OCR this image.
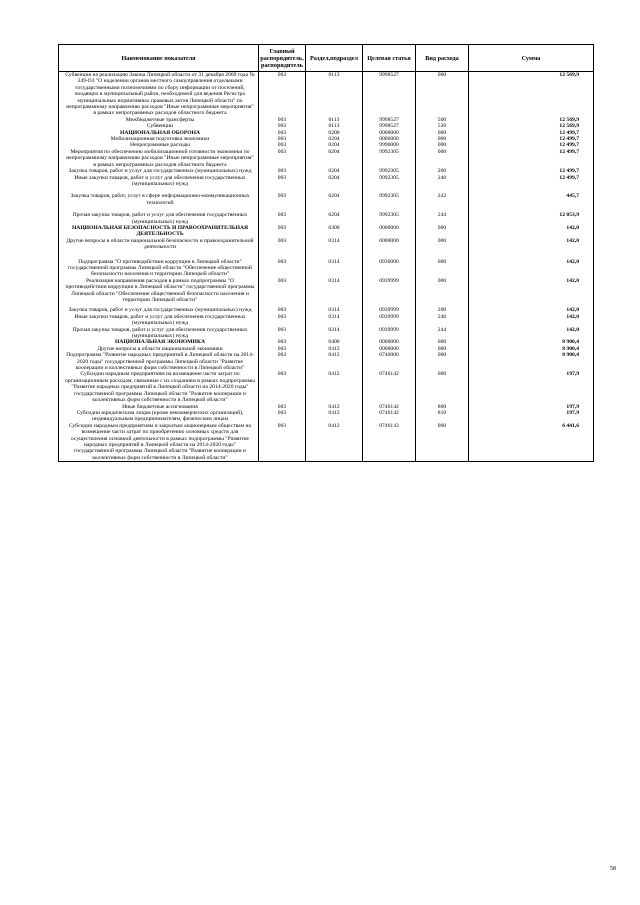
Наименование показателя	Главный распорядитель, распорядитель	Раздел,подраздел	Целевая статья	Вид расхода	Сумма
Субвенция на реализацию Закона Липецкой области от 31 декабря 2009 года № 349-ОЗ "О наделении органов местного самоуправления отдельными государственными полномочиями по сбору информации от поселений, входящих в муниципальный район, необходимой для ведения Регистра муниципальных нормативных правовых актов Липецкой области" по непрограммному направлению расходов "Иные непрограммные мероприятия" в рамках непрограммных расходов областного бюджета	003	0113	9998527	000	12 569,9
Межбюджетные трансферты	003	0113	9998527	500	12 569,9
Субвенции	003	0113	9998527	530	12 569,9
НАЦИОНАЛЬНАЯ ОБОРОНА	003	0200	0000000	000	12 499,7
Мобилизационная подготовка экономики	003	0204	0000000	000	12 499,7
Непрограммные расходы	003	0204	9990000	000	12 499,7
Мероприятия по обеспечению мобилизационной готовности экономики по непрограммному направлению расходов "Иные непрограммные мероприятия" в рамках непрограммных расходов областного бюджета	003	0204	9992305	000	12 499,7
Закупка товаров, работ и услуг для государственных (муниципальных) нужд	003	0204	9992305	200	12 499,7
Иные закупки товаров, работ и услуг для обеспечения государственных (муниципальных) нужд	003	0204	9992305	240	12 499,7
Закупка товаров, работ, услуг в сфере информационно-коммуникационных технологий	003	0204	9992305	242	445,7
Прочая закупка товаров, работ и услуг для обеспечения государственных (муниципальных) нужд	003	0204	9992305	244	12 053,9
НАЦИОНАЛЬНАЯ БЕЗОПАСНОСТЬ И ПРАВООХРАНИТЕЛЬНАЯ ДЕЯТЕЛЬНОСТЬ	003	0300	0000000	000	142,0
Другие вопросы в области национальной безопасности и правоохранительной деятельности	003	0314	0000000	000	142,0
Подпрограмма "О противодействии коррупции в Липецкой области" государственной программы Липецкой области "Обеспечение общественной безопасности населения и территории Липецкой области"	003	0314	0930000	000	142,0
Реализация направления расходов в рамках подпрограммы "О противодействии коррупции в Липецкой области" государственной программы Липецкой области "Обеспечение общественной безопасности населения и территории Липецкой области"	003	0314	0939999	000	142,0
Закупка товаров, работ и услуг для государственных (муниципальных) нужд	003	0314	0939999	200	142,0
Иные закупки товаров, работ и услуг для обеспечения государственных (муниципальных) нужд	003	0314	0939999	240	142,0
Прочая закупка товаров, работ и услуг для обеспечения государственных (муниципальных) нужд	003	0314	0939999	244	142,0
НАЦИОНАЛЬНАЯ ЭКОНОМИКА	003	0400	0000000	000	8 900,4
Другие вопросы в области национальной экономики	003	0412	0000000	000	8 900,4
Подпрограмма "Развитие народных предприятий в Липецкой области на 2014-2020 годы" государственной программы Липецкой области "Развитие кооперации и коллективных форм собственности в Липецкой области"	003	0412	0740000	000	8 900,4
Субсидии народным предприятиям на возмещение части затрат по организационным расходам, связанные с их созданием в рамках подпрограммы "Развитие народных предприятий в Липецкой области на 2014-2020 годы" государственной программы Липецкой области "Развитие кооперации и коллективных форм собственности в Липецкой области"	003	0412	0746142	000	197,9
Иные бюджетные ассигнования	003	0412	0746142	800	197,9
Субсидии юридическим лицам (кроме некоммерческих организаций), индивидуальным предпринимателям, физическим лицам	003	0412	0746142	810	197,9
Субсидии народным предприятиям и закрытым акционерным обществам на возмещение части затрат по приобретению основных средств для осуществления основной деятельности в рамках подпрограммы "Развитие народных предприятий в Липецкой области на 2014-2020 годы" государственной программы Липецкой области "Развитие кооперации и коллективных форм собственности в Липецкой области"	003	0412	0746143	000	6 441,6
58
